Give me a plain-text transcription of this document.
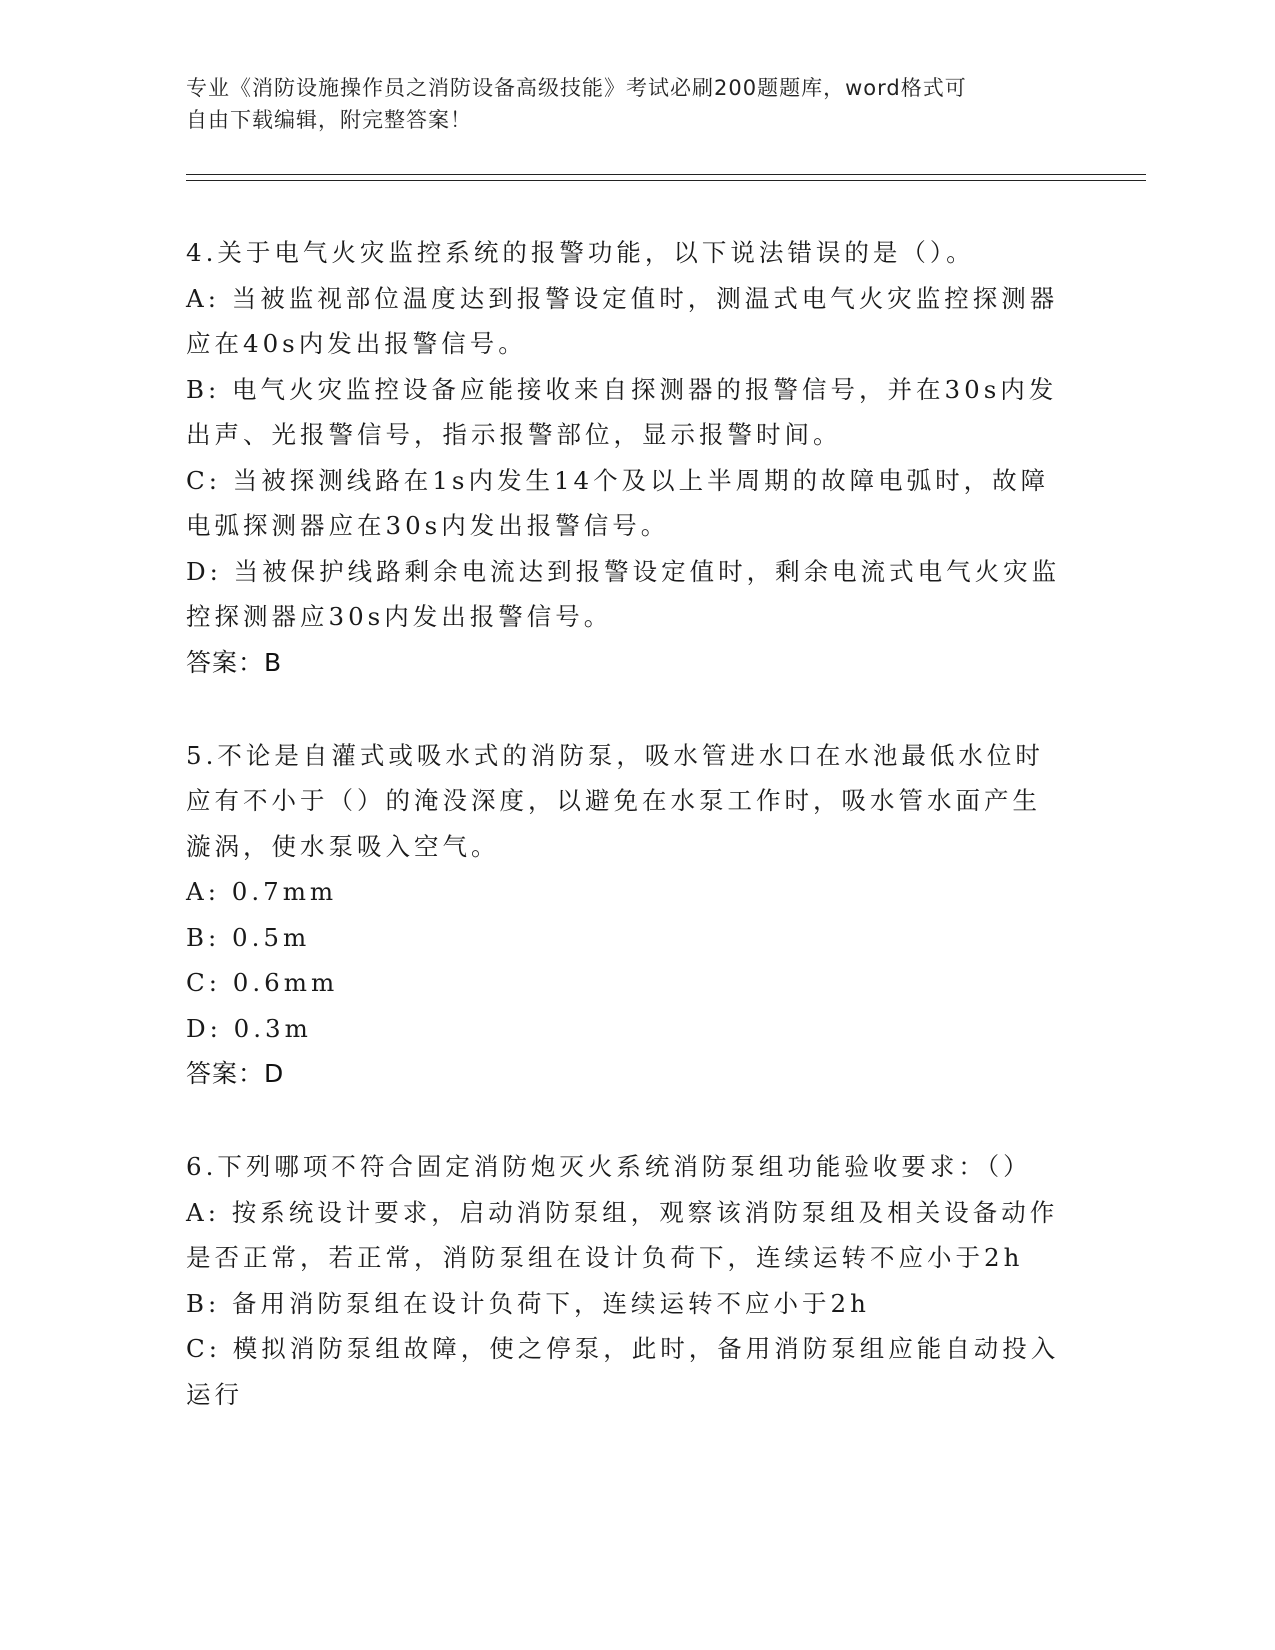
专业《消防设施操作员之消防设备高级技能》考试必刷200题题库，word格式可
自由下载编辑，附完整答案！
4.关于电气火灾监控系统的报警功能，以下说法错误的是（）。
A: 当被监视部位温度达到报警设定值时，测温式电气火灾监控探测器
应在40s内发出报警信号。
B: 电气火灾监控设备应能接收来自探测器的报警信号，并在30s内发
出声、光报警信号，指示报警部位，显示报警时间。
C: 当被探测线路在1s内发生14个及以上半周期的故障电弧时，故障
电弧探测器应在30s内发出报警信号。
D: 当被保护线路剩余电流达到报警设定值时，剩余电流式电气火灾监
控探测器应30s内发出报警信号。
答案：B
5.不论是自灌式或吸水式的消防泵，吸水管进水口在水池最低水位时
应有不小于（）的淹没深度，以避免在水泵工作时，吸水管水面产生
漩涡，使水泵吸入空气。
A: 0.7mm
B: 0.5m
C: 0.6mm
D: 0.3m
答案：D
6.下列哪项不符合固定消防炮灭火系统消防泵组功能验收要求：（）
A: 按系统设计要求，启动消防泵组，观察该消防泵组及相关设备动作
是否正常，若正常，消防泵组在设计负荷下，连续运转不应小于2h
B: 备用消防泵组在设计负荷下，连续运转不应小于2h
C: 模拟消防泵组故障，使之停泵，此时，备用消防泵组应能自动投入
运行
